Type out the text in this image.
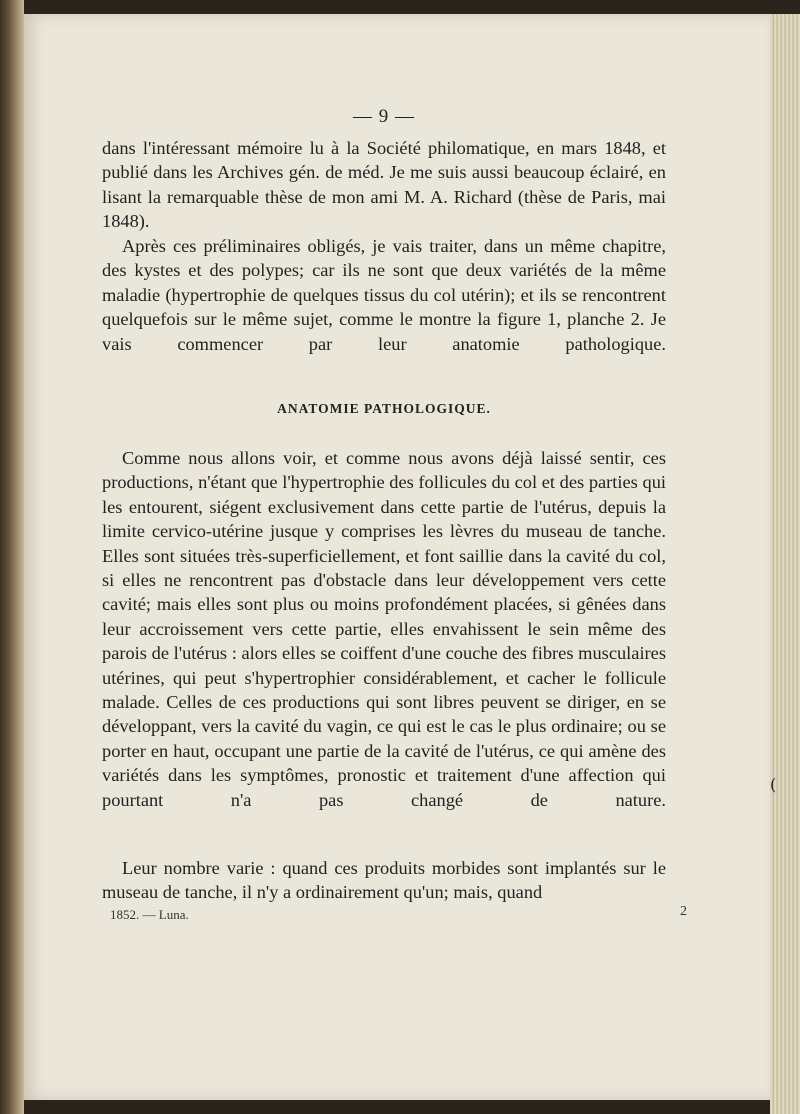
(
— 9 —
dans l'intéressant mémoire lu à la Société philomatique, en mars 1848, et publié dans les Archives gén. de méd. Je me suis aussi beaucoup éclairé, en lisant la remarquable thèse de mon ami M. A. Richard (thèse de Paris, mai 1848).
Après ces préliminaires obligés, je vais traiter, dans un même chapitre, des kystes et des polypes; car ils ne sont que deux variétés de la même maladie (hypertrophie de quelques tissus du col utérin); et ils se rencontrent quelquefois sur le même sujet, comme le montre la figure 1, planche 2. Je vais commencer par leur anatomie pathologique.
ANATOMIE PATHOLOGIQUE.
Comme nous allons voir, et comme nous avons déjà laissé sentir, ces productions, n'étant que l'hypertrophie des follicules du col et des parties qui les entourent, siégent exclusivement dans cette partie de l'utérus, depuis la limite cervico-utérine jusque y comprises les lèvres du museau de tanche. Elles sont situées très-superficiellement, et font saillie dans la cavité du col, si elles ne rencontrent pas d'obstacle dans leur développement vers cette cavité; mais elles sont plus ou moins profondément placées, si gênées dans leur accroissement vers cette partie, elles envahissent le sein même des parois de l'utérus : alors elles se coiffent d'une couche des fibres musculaires utérines, qui peut s'hypertrophier considérablement, et cacher le follicule malade. Celles de ces productions qui sont libres peuvent se diriger, en se développant, vers la cavité du vagin, ce qui est le cas le plus ordinaire; ou se porter en haut, occupant une partie de la cavité de l'utérus, ce qui amène des variétés dans les symptômes, pronostic et traitement d'une affection qui pourtant n'a pas changé de nature.
Leur nombre varie : quand ces produits morbides sont implantés sur le museau de tanche, il n'y a ordinairement qu'un; mais, quand
1852. — Luna.	2
